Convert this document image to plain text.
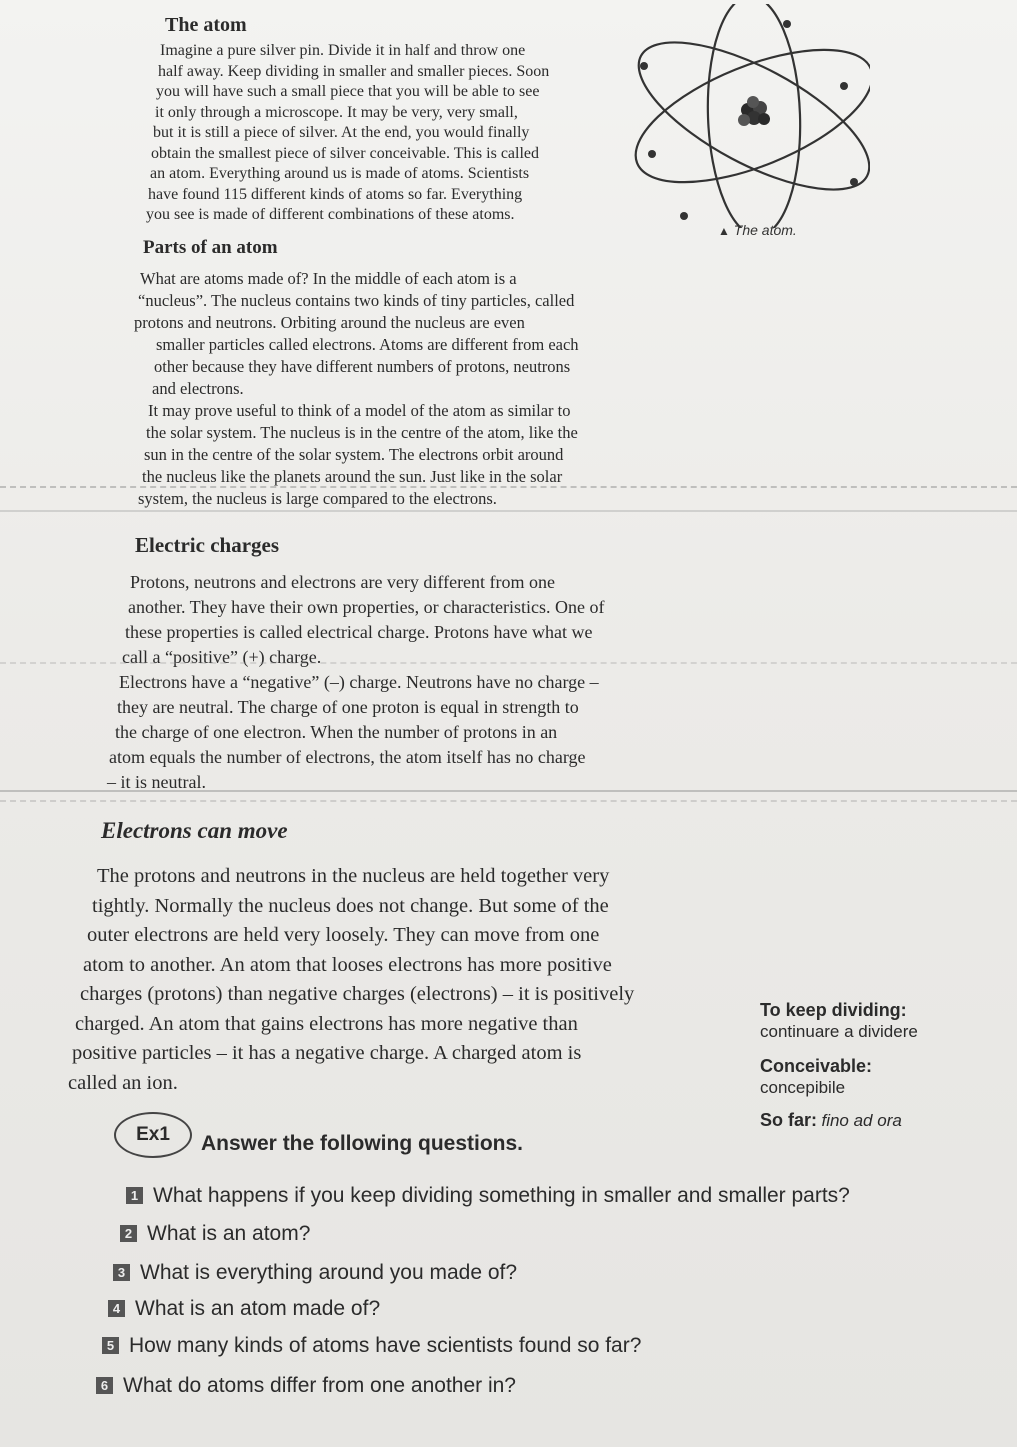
The atom
Imagine a pure silver pin. Divide it in half and throw one
half away. Keep dividing in smaller and smaller pieces. Soon
you will have such a small piece that you will be able to see
it only through a microscope. It may be very, very small,
but it is still a piece of silver. At the end, you would finally
obtain the smallest piece of silver conceivable. This is called
an atom. Everything around us is made of atoms. Scientists
have found 115 different kinds of atoms so far. Everything
you see is made of different combinations of these atoms.
▲ The atom.
Parts of an atom
What are atoms made of? In the middle of each atom is a
“nucleus”. The nucleus contains two kinds of tiny particles, called
protons and neutrons. Orbiting around the nucleus are even
smaller particles called electrons. Atoms are different from each
other because they have different numbers of protons, neutrons
and electrons.
It may prove useful to think of a model of the atom as similar to
the solar system. The nucleus is in the centre of the atom, like the
sun in the centre of the solar system. The electrons orbit around
the nucleus like the planets around the sun. Just like in the solar
system, the nucleus is large compared to the electrons.
Electric charges
Protons, neutrons and electrons are very different from one
another. They have their own properties, or characteristics. One of
these properties is called electrical charge. Protons have what we
call a “positive” (+) charge.
Electrons have a “negative” (–) charge. Neutrons have no charge –
they are neutral. The charge of one proton is equal in strength to
the charge of one electron. When the number of protons in an
atom equals the number of electrons, the atom itself has no charge
– it is neutral.
Electrons can move
The protons and neutrons in the nucleus are held together very
tightly. Normally the nucleus does not change. But some of the
outer electrons are held very loosely. They can move from one
atom to another. An atom that looses electrons has more positive
charges (protons) than negative charges (electrons) – it is positively
charged. An atom that gains electrons has more negative than
positive particles – it has a negative charge. A charged atom is
called an ion.
To keep dividing:
continuare a dividere
Conceivable:
concepibile
So far: fino ad ora
Ex1	Answer the following questions.
1 What happens if you keep dividing something in smaller and smaller parts?
2 What is an atom?
3 What is everything around you made of?
4 What is an atom made of?
5 How many kinds of atoms have scientists found so far?
6 What do atoms differ from one another in?
